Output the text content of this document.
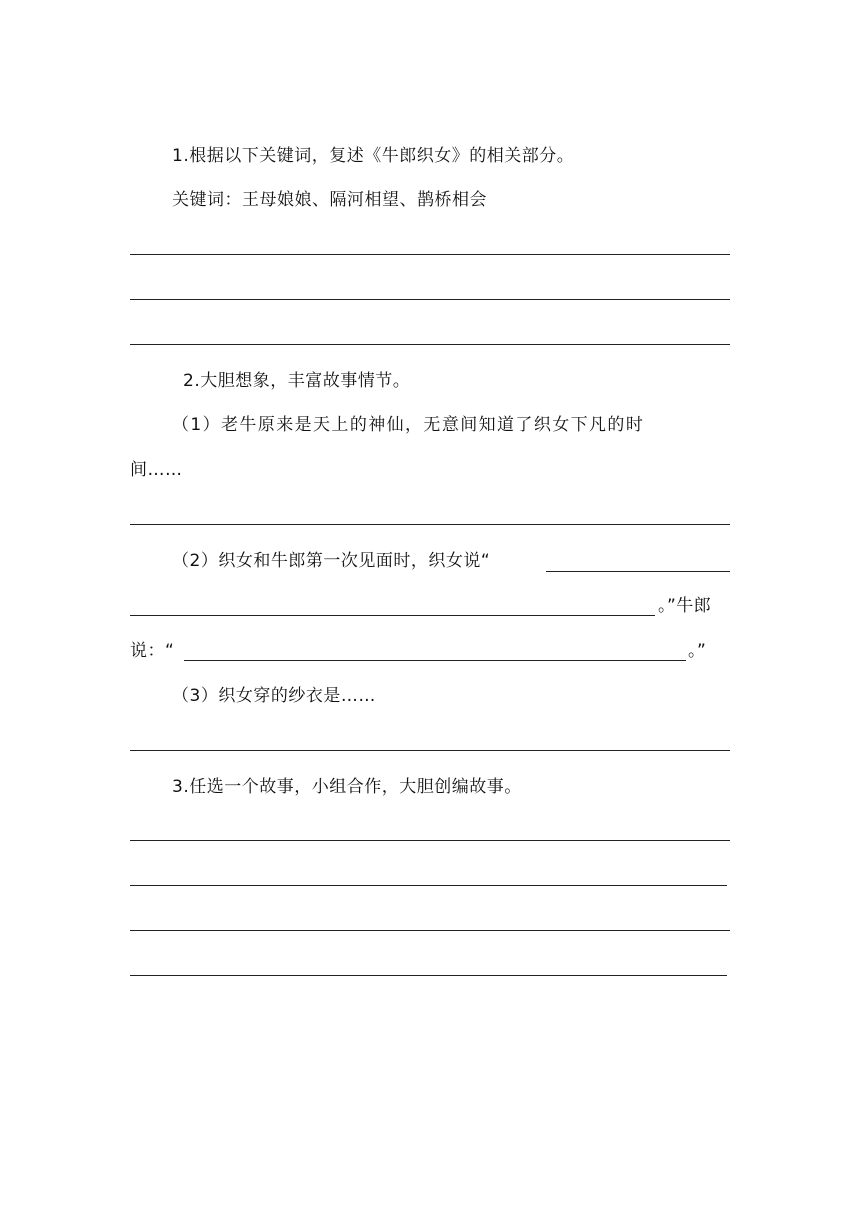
1.根据以下关键词，复述《牛郎织女》的相关部分。
关键词：王母娘娘、隔河相望、鹊桥相会
2.大胆想象，丰富故事情节。
（1）老牛原来是天上的神仙，无意间知道了织女下凡的时
间……
（2）织女和牛郎第一次见面时，织女说“
。”牛郎
说：“	。”
（3）织女穿的纱衣是……
3.任选一个故事，小组合作，大胆创编故事。
